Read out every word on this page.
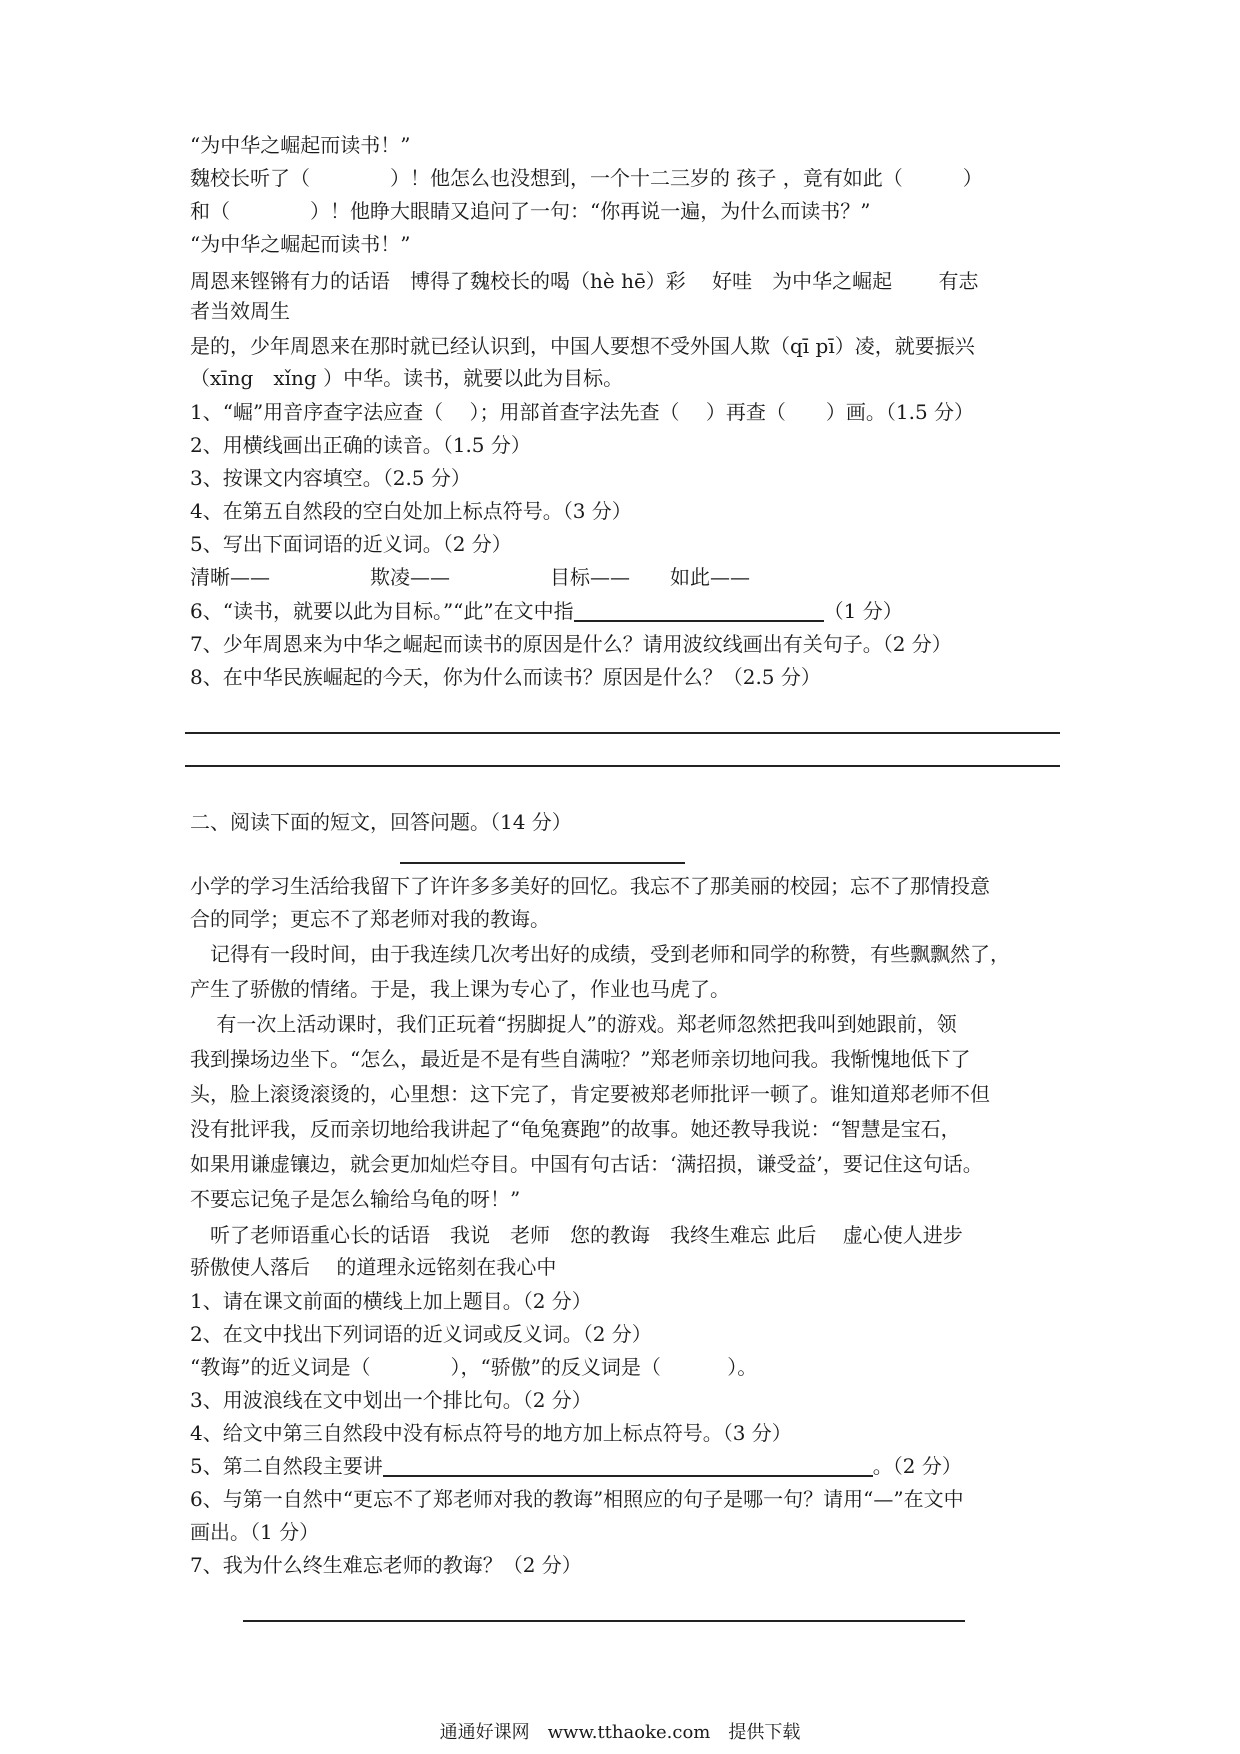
“为中华之崛起而读书！”

魏校长听了（　　　　）！他怎么也没想到，一个十二三岁的 孩子 ，竟有如此（　　　）

和（　　　　）！他睁大眼睛又追问了一句：“你再说一遍，为什么而读书？”

“为中华之崛起而读书！”

周恩来铿锵有力的话语　博得了魏校长的喝（hè hē）彩　 好哇　为中华之崛起　　 有志

者当效周生

是的，少年周恩来在那时就已经认识到，中国人要想不受外国人欺（qī pī）凌，就要振兴

（xīng　xǐng ）中华。读书，就要以此为目标。

1、“崛”用音序查字法应查（　 ）；用部首查字法先查（　 ）再查（　　）画。（1.5 分）

2、用横线画出正确的读音。（1.5 分）

3、按课文内容填空。（2.5 分）

4、在第五自然段的空白处加上标点符号。（3 分）

5、写出下面词语的近义词。（2 分）

清晰——　　　　　欺凌——　　　　　目标——　　如此——

6、“读书，就要以此为目标。”“此”在文中指	（1 分）

7、少年周恩来为中华之崛起而读书的原因是什么？请用波纹线画出有关句子。（2 分）

8、在中华民族崛起的今天，你为什么而读书？原因是什么？（2.5 分）

二、阅读下面的短文，回答问题。（14 分）

小学的学习生活给我留下了许许多多美好的回忆。我忘不了那美丽的校园；忘不了那情投意

合的同学；更忘不了郑老师对我的教诲。

　记得有一段时间，由于我连续几次考出好的成绩，受到老师和同学的称赞，有些飘飘然了，

产生了骄傲的情绪。于是，我上课为专心了，作业也马虎了。

　 有一次上活动课时，我们正玩着“拐脚捉人”的游戏。郑老师忽然把我叫到她跟前，领

我到操场边坐下。“怎么，最近是不是有些自满啦？”郑老师亲切地问我。我惭愧地低下了

头，脸上滚烫滚烫的，心里想：这下完了，肯定要被郑老师批评一顿了。谁知道郑老师不但

没有批评我，反而亲切地给我讲起了“龟兔赛跑”的故事。她还教导我说：“智慧是宝石，

如果用谦虚镶边，就会更加灿烂夺目。中国有句古话：‘满招损，谦受益’，要记住这句话。

不要忘记兔子是怎么输给乌龟的呀！”

　听了老师语重心长的话语　我说　老师　您的教诲　我终生难忘 此后　 虚心使人进步

骄傲使人落后　 的道理永远铭刻在我心中

1、请在课文前面的横线上加上题目。（2 分）

2、在文中找出下列词语的近义词或反义词。（2 分）

“教诲”的近义词是（　　　　），“骄傲”的反义词是（　　　 ）。

3、用波浪线在文中划出一个排比句。（2 分）

4、给文中第三自然段中没有标点符号的地方加上标点符号。（3 分）

5、第二自然段主要讲	。（2 分）

6、与第一自然中“更忘不了郑老师对我的教诲”相照应的句子是哪一句？请用“—”在文中

画出。（1 分）

7、我为什么终生难忘老师的教诲？（2 分）

通通好课网　www.tthaoke.com　提供下载
